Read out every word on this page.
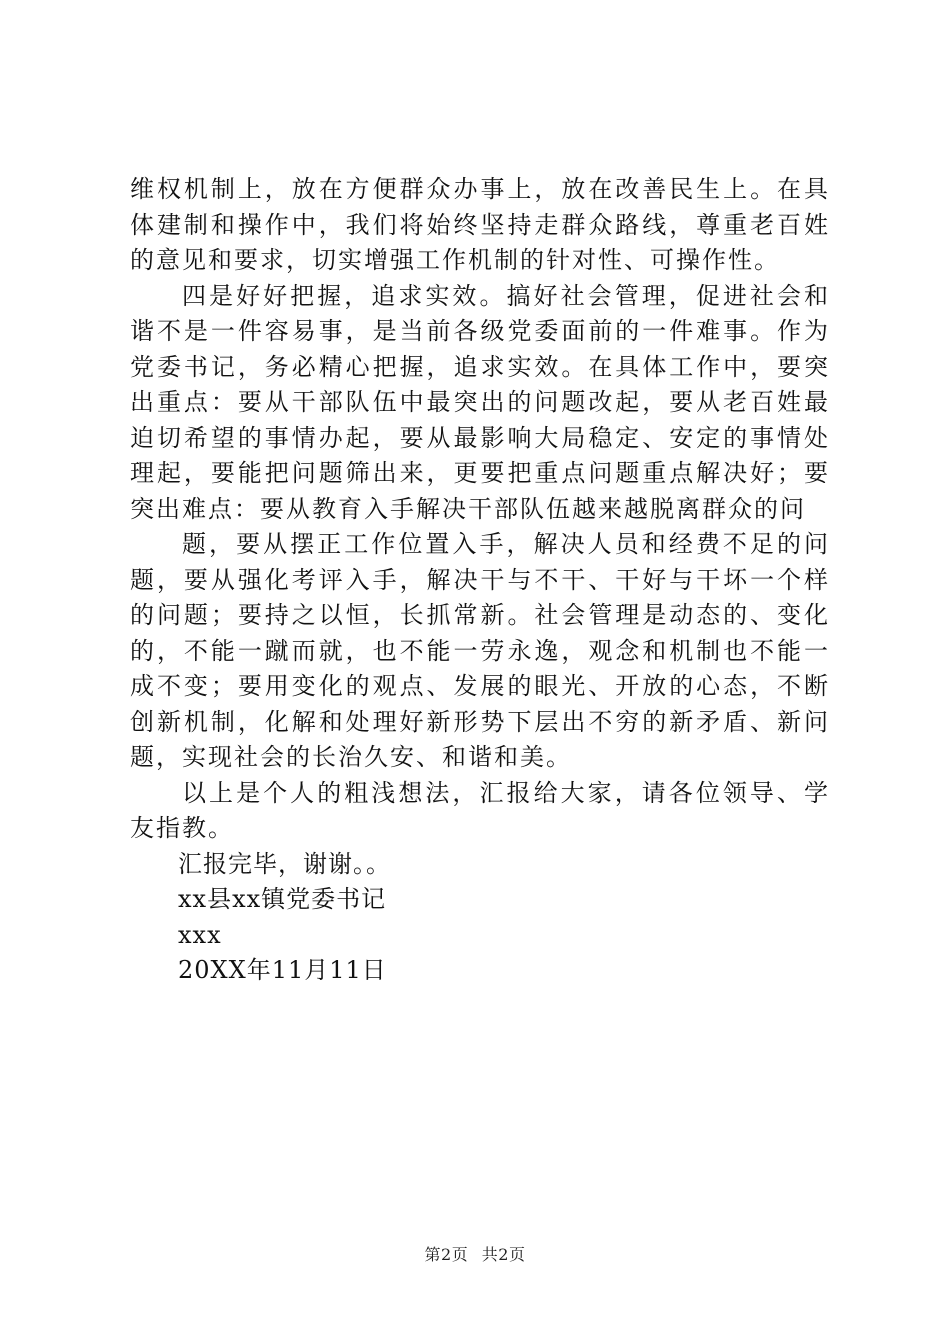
维权机制上，放在方便群众办事上，放在改善民生上。在具体建制和操作中，我们将始终坚持走群众路线，尊重老百姓的意见和要求，切实增强工作机制的针对性、可操作性。

四是好好把握，追求实效。搞好社会管理，促进社会和谐不是一件容易事，是当前各级党委面前的一件难事。作为党委书记，务必精心把握，追求实效。在具体工作中，要突出重点：要从干部队伍中最突出的问题改起，要从老百姓最迫切希望的事情办起，要从最影响大局稳定、安定的事情处理起，要能把问题筛出来，更要把重点问题重点解决好；要突出难点：要从教育入手解决干部队伍越来越脱离群众的问

题，要从摆正工作位置入手，解决人员和经费不足的问题，要从强化考评入手，解决干与不干、干好与干坏一个样的问题；要持之以恒，长抓常新。社会管理是动态的、变化的，不能一蹴而就，也不能一劳永逸，观念和机制也不能一成不变；要用变化的观点、发展的眼光、开放的心态，不断创新机制，化解和处理好新形势下层出不穷的新矛盾、新问题，实现社会的长治久安、和谐和美。

以上是个人的粗浅想法，汇报给大家，请各位领导、学友指教。

汇报完毕，谢谢。。

xx县xx镇党委书记

xxx

20XX年11月11日

第2页 共2页
